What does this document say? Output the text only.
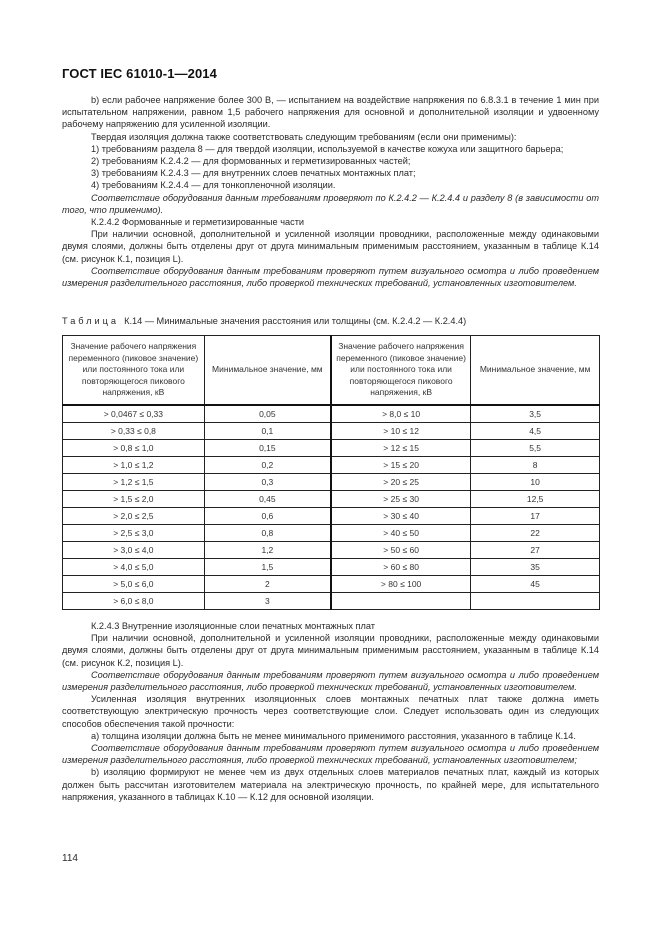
ГОСТ IEC 61010-1—2014

b) если рабочее напряжение более 300 В, — испытанием на воздействие напряжения по 6.8.3.1 в течение 1 мин при испытательном напряжении, равном 1,5 рабочего напряжения для основной и дополнительной изоляции и удвоенному рабочему напряжению для усиленной изоляции.

Твердая изоляция должна также соответствовать следующим требованиям (если они применимы):

1) требованиям раздела 8 — для твердой изоляции, используемой в качестве кожуха или защитного барьера;

2) требованиям К.2.4.2 — для формованных и герметизированных частей;

3) требованиям К.2.4.3 — для внутренних слоев печатных монтажных плат;

4) требованиям К.2.4.4 — для тонкопленочной изоляции.

Соответствие оборудования данным требованиям проверяют по К.2.4.2 — К.2.4.4 и разделу 8 (в зависимости от того, что применимо).

К.2.4.2 Формованные и герметизированные части

При наличии основной, дополнительной и усиленной изоляции проводники, расположенные между одинаковыми двумя слоями, должны быть отделены друг от друга минимальным применимым расстоянием, указанным в таблице К.14 (см. рисунок К.1, позиция L).

Соответствие оборудования данным требованиям проверяют путем визуального осмотра и либо проведением измерения разделительного расстояния, либо проверкой технических требований, установленных изготовителем.

Таблица К.14 — Минимальные значения расстояния или толщины (см. К.2.4.2 — К.2.4.4)
Значение рабочего напряжения переменного (пиковое значение) или постоянного тока или повторяющегося пикового напряжения, кВ	Минимальное значение, мм	Значение рабочего напряжения переменного (пиковое значение) или постоянного тока или повторяющегося пикового напряжения, кВ	Минимальное значение, мм
> 0,0467 ≤ 0,33	0,05	> 8,0 ≤ 10	3,5
> 0,33 ≤ 0,8	0,1	> 10 ≤ 12	4,5
> 0,8 ≤ 1,0	0,15	> 12 ≤ 15	5,5
> 1,0 ≤ 1,2	0,2	> 15 ≤ 20	8
> 1,2 ≤ 1,5	0,3	> 20 ≤ 25	10
> 1,5 ≤ 2,0	0,45	> 25 ≤ 30	12,5
> 2,0 ≤ 2,5	0,6	> 30 ≤ 40	17
> 2,5 ≤ 3,0	0,8	> 40 ≤ 50	22
> 3,0 ≤ 4,0	1,2	> 50 ≤ 60	27
> 4,0 ≤ 5,0	1,5	> 60 ≤ 80	35
> 5,0 ≤ 6,0	2	> 80 ≤ 100	45
> 6,0 ≤ 8,0	3		

К.2.4.3 Внутренние изоляционные слои печатных монтажных плат

При наличии основной, дополнительной и усиленной изоляции проводники, расположенные между одинаковыми двумя слоями, должны быть отделены друг от друга минимальным применимым расстоянием, указанным в таблице К.14 (см. рисунок К.2, позиция L).

Соответствие оборудования данным требованиям проверяют путем визуального осмотра и либо проведением измерения разделительного расстояния, либо проверкой технических требований, установленных изготовителем.

Усиленная изоляция внутренних изоляционных слоев монтажных печатных плат также должна иметь соответствующую электрическую прочность через соответствующие слои. Следует использовать один из следующих способов обеспечения такой прочности:

a) толщина изоляции должна быть не менее минимального применимого расстояния, указанного в таблице К.14.

Соответствие оборудования данным требованиям проверяют путем визуального осмотра и либо проведением измерения разделительного расстояния, либо проверкой технических требований, установленных изготовителем;

b) изоляцию формируют не менее чем из двух отдельных слоев материалов печатных плат, каждый из которых должен быть рассчитан изготовителем материала на электрическую прочность, по крайней мере, для испытательного напряжения, указанного в таблицах К.10 — К.12 для основной изоляции.

114
